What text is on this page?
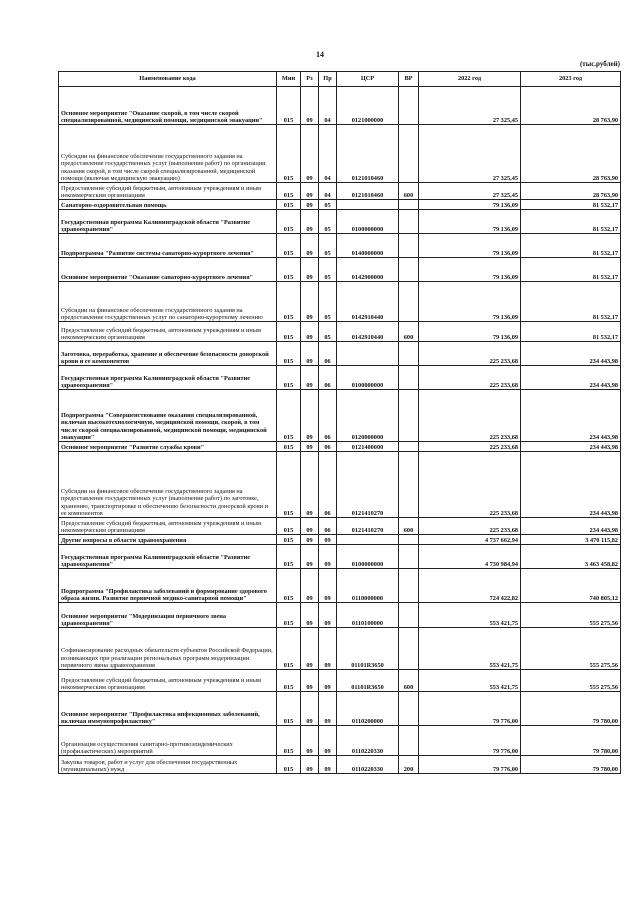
14
(тыс.рублей)
Наименование кода	Мин	Рз	Пр	ЦСР	ВР	2022 год	2023 год
Основное мероприятие "Оказание скорой, в том числе скорой специализированной, медицинской помощи, медицинской эвакуации"	015	09	04	0121000000		27 325,45	28 763,90
Субсидии на финансовое обеспечение государственного задания на предоставление государственных услуг (выполнение работ) по организации оказания скорой, в том числе скорой специализированной, медицинской помощи (включая медицинскую эвакуацию)	015	09	04	0121010460		27 325,45	28 763,90
Предоставление субсидий бюджетным, автономным учреждениям и иным некоммерческим организациям	015	09	04	0121010460	600	27 325,45	28 763,90
Санаторно-оздоровительная помощь	015	09	05			79 136,09	81 532,17
Государственная программа Калининградской области "Развитие здравоохранения"	015	09	05	0100000000		79 136,09	81 532,17
Подпрограмма "Развитие системы санаторно-курортного лечения"	015	09	05	0140000000		79 136,09	81 532,17
Основное мероприятие "Оказание санаторно-курортного лечения"	015	09	05	0142900000		79 136,09	81 532,17
Субсидии на финансовое обеспечение государственного задания на предоставление государственных услуг по санаторно-курортному лечению	015	09	05	0142910440		79 136,09	81 532,17
Предоставление субсидий бюджетным, автономным учреждениям и иным некоммерческим организациям	015	09	05	0142910440	600	79 136,09	81 532,17
Заготовка, переработка, хранение и обеспечение безопасности донорской крови и ее компонентов	015	09	06			225 233,68	234 443,98
Государственная программа Калининградской области "Развитие здравоохранения"	015	09	06	0100000000		225 233,68	234 443,98
Подпрограмма "Совершенствование оказания специализированной, включая высокотехнологичную, медицинской помощи, скорой, в том числе скорой специализированной, медицинской помощи, медицинской эвакуации"	015	09	06	0120000000		225 233,68	234 443,98
Основное мероприятие "Развитие службы крови"	015	09	06	0121400000		225 233,68	234 443,98
Субсидии на финансовое обеспечение государственного задания на предоставление государственных услуг (выполнение работ) по заготовке, хранению, транспортировке и обеспечению безопасности донорской крови и ее компонентов	015	09	06	0121410270		225 233,68	234 443,98
Предоставление субсидий бюджетным, автономным учреждениям и иным некоммерческим организациям	015	09	06	0121410270	600	225 233,68	234 443,98
Другие вопросы в области здравоохранения	015	09	09			4 737 662,94	3 470 115,82
Государственная программа Калининградской области "Развитие здравоохранения"	015	09	09	0100000000		4 730 984,94	3 463 458,82
Подпрограмма "Профилактика заболеваний и формирование здорового образа жизни. Развитие первичной медико-санитарной помощи"	015	09	09	0110000000		724 422,82	740 805,12
Основное мероприятие "Модернизация первичного звена здравоохранения"	015	09	09	0110100000		553 421,75	555 275,56
Софинансирование расходных обязательств субъектов Российской Федерации, возникающих при реализации региональных программ модернизации первичного звена здравоохранения	015	09	09	01101R3650		553 421,75	555 275,56
Предоставление субсидий бюджетным, автономным учреждениям и иным некоммерческим организациям	015	09	09	01101R3650	600	553 421,75	555 275,56
Основное мероприятие "Профилактика инфекционных заболеваний, включая иммунопрофилактику"	015	09	09	0110200000		79 776,00	79 780,00
Организация осуществления санитарно-противоэпидемических (профилактических) мероприятий	015	09	09	0110220330		79 776,00	79 780,00
Закупка товаров, работ и услуг для обеспечения государственных (муниципальных) нужд	015	09	09	0110220330	200	79 776,00	79 780,00
